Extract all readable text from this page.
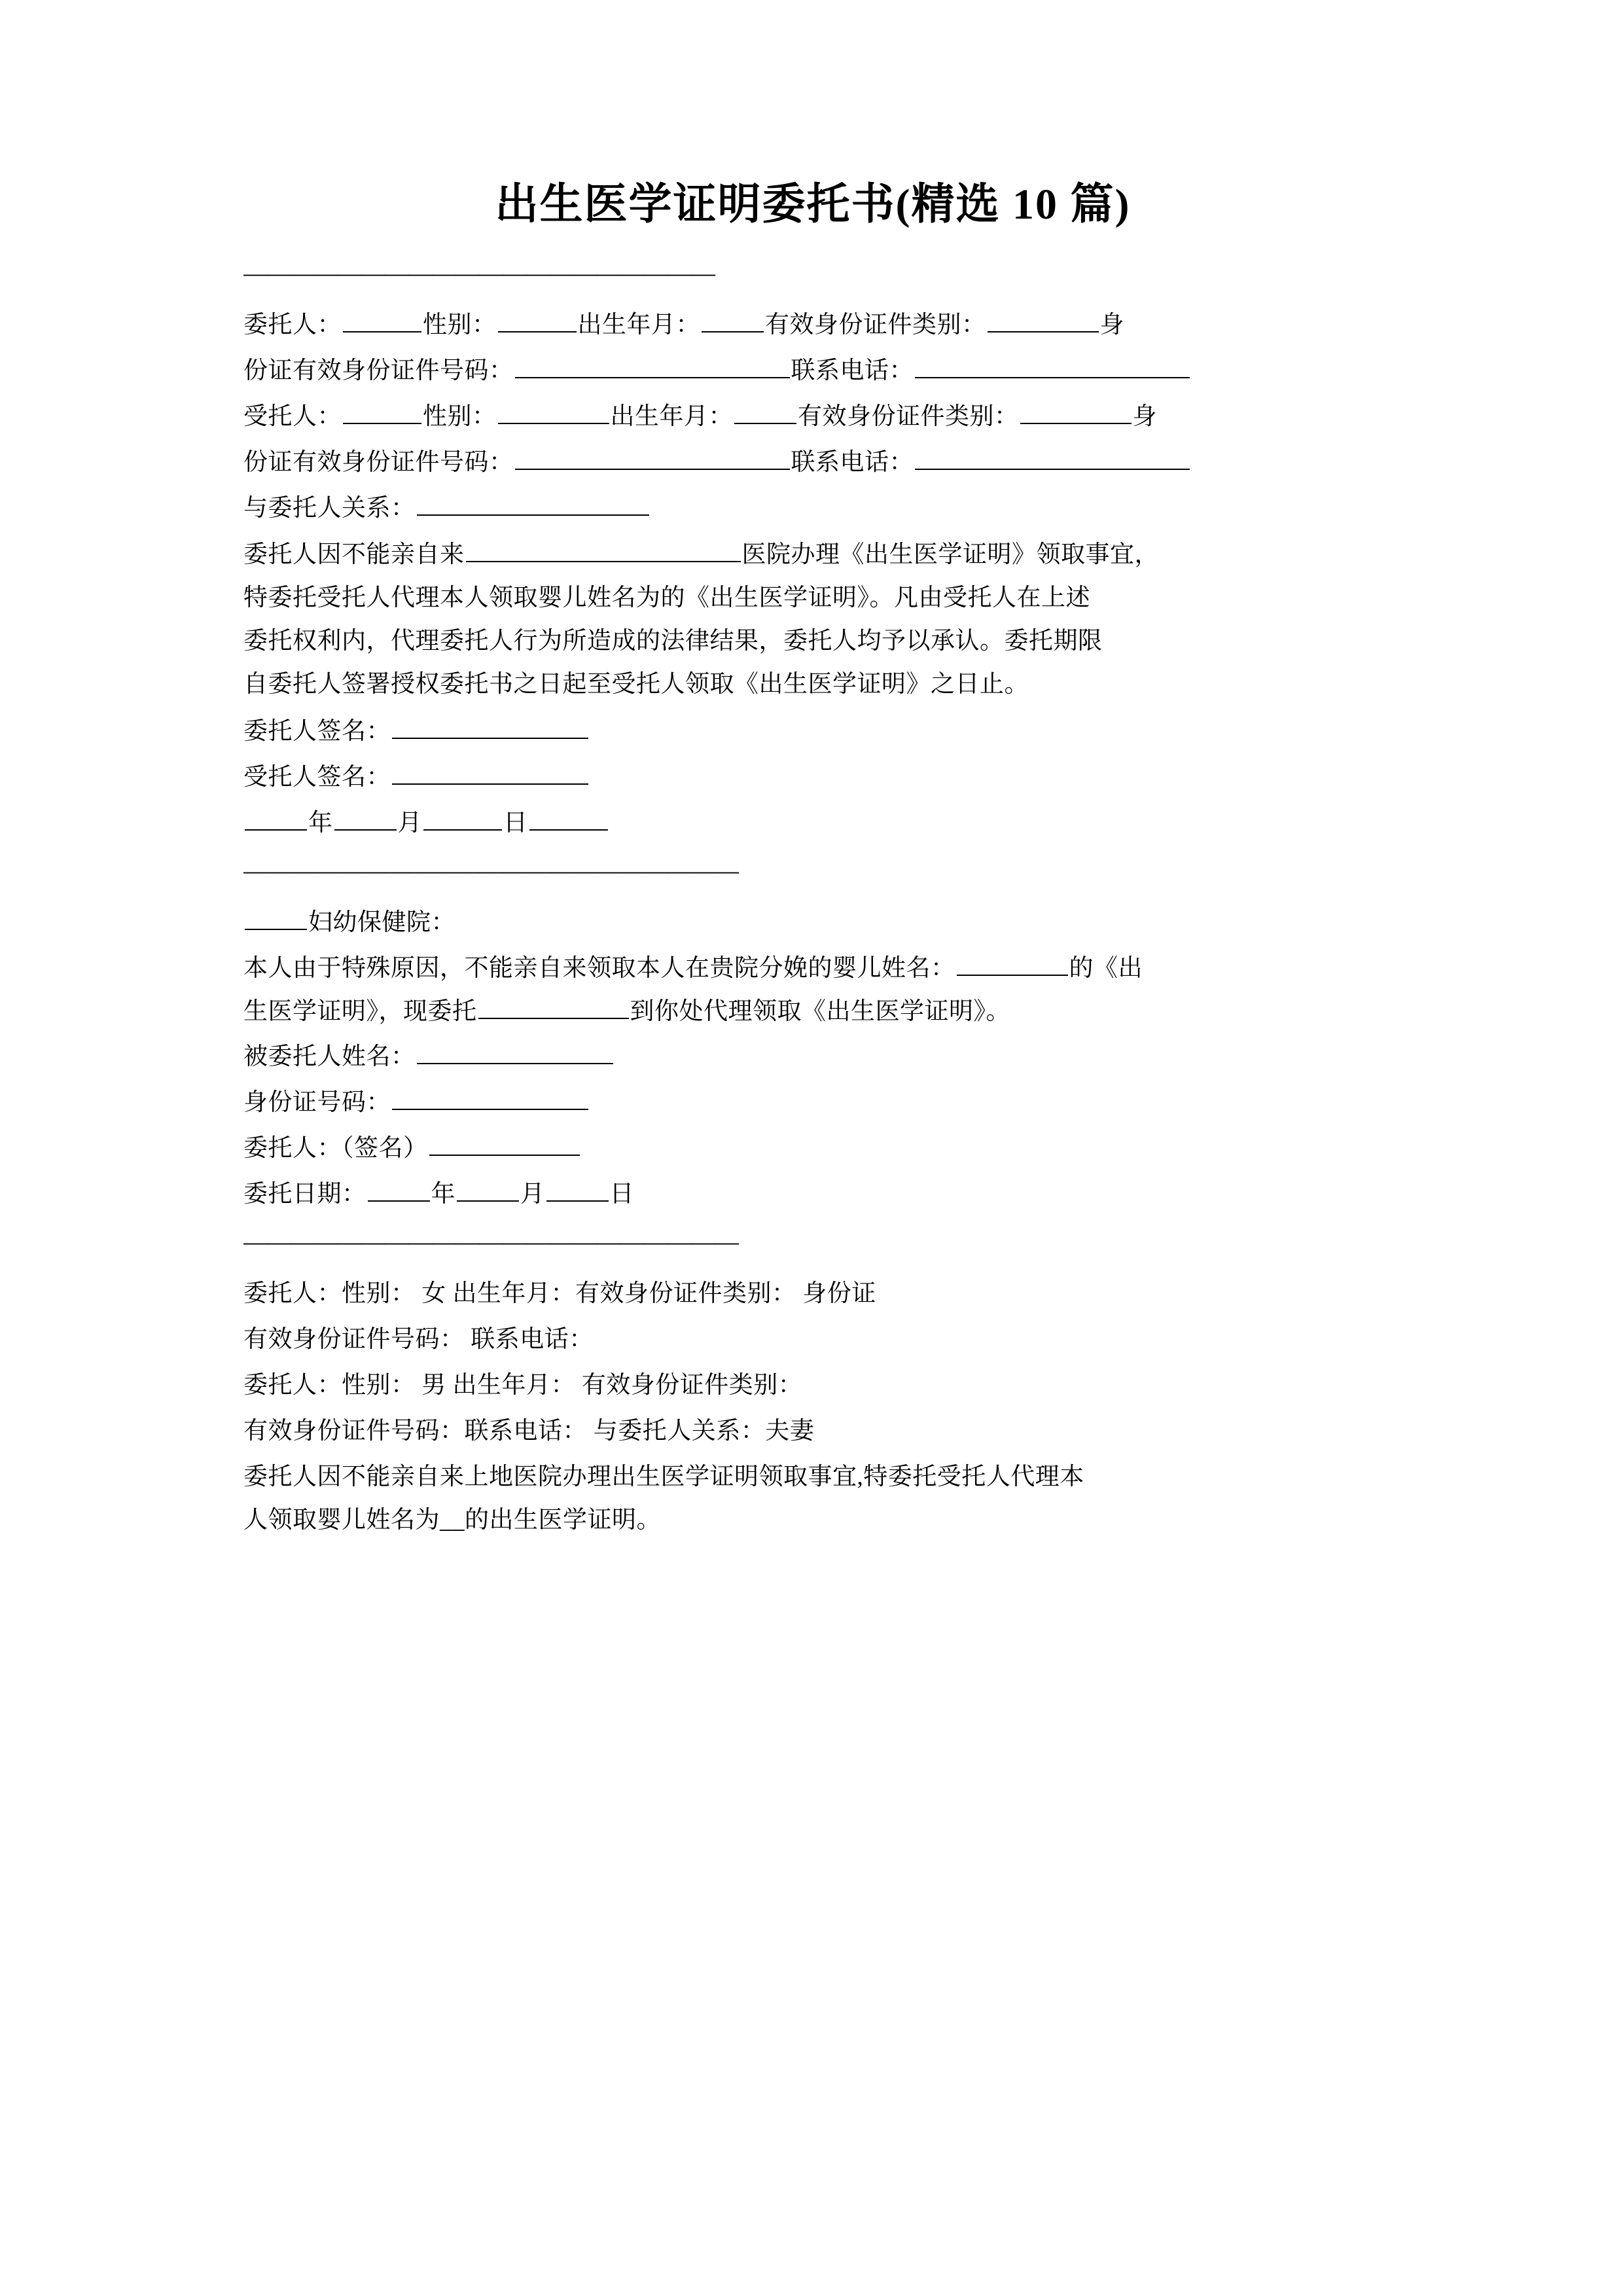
出生医学证明委托书(精选 10 篇)
————————————————————

委托人：	性别：	出生年月：	有效身份证件类别：	身

份证有效身份证件号码：	联系电话：

受托人：	性别：	出生年月：	有效身份证件类别：	身

份证有效身份证件号码：	联系电话：

与委托人关系：

委托人因不能亲自来	医院办理《出生医学证明》领取事宜，

特委托受托人代理本人领取婴儿姓名为的《出生医学证明》。凡由受托人在上述

委托权利内，代理委托人行为所造成的法律结果，委托人均予以承认。委托期限

自委托人签署授权委托书之日起至受托人领取《出生医学证明》之日止。

委托人签名：

受托人签名：

年	月	日

—————————————————————

妇幼保健院：

本人由于特殊原因，不能亲自来领取本人在贵院分娩的婴儿姓名：	的《出

生医学证明》，现委托	到你处代理领取《出生医学证明》。

被委托人姓名：

身份证号码：

委托人：（签名）

委托日期：	年	月	日

—————————————————————

委托人：性别： 女 出生年月：有效身份证件类别： 身份证

有效身份证件号码： 联系电话：

委托人：性别： 男 出生年月： 有效身份证件类别：

有效身份证件号码：联系电话： 与委托人关系：夫妻

委托人因不能亲自来上地医院办理出生医学证明领取事宜,特委托受托人代理本

人领取婴儿姓名为__的出生医学证明。
